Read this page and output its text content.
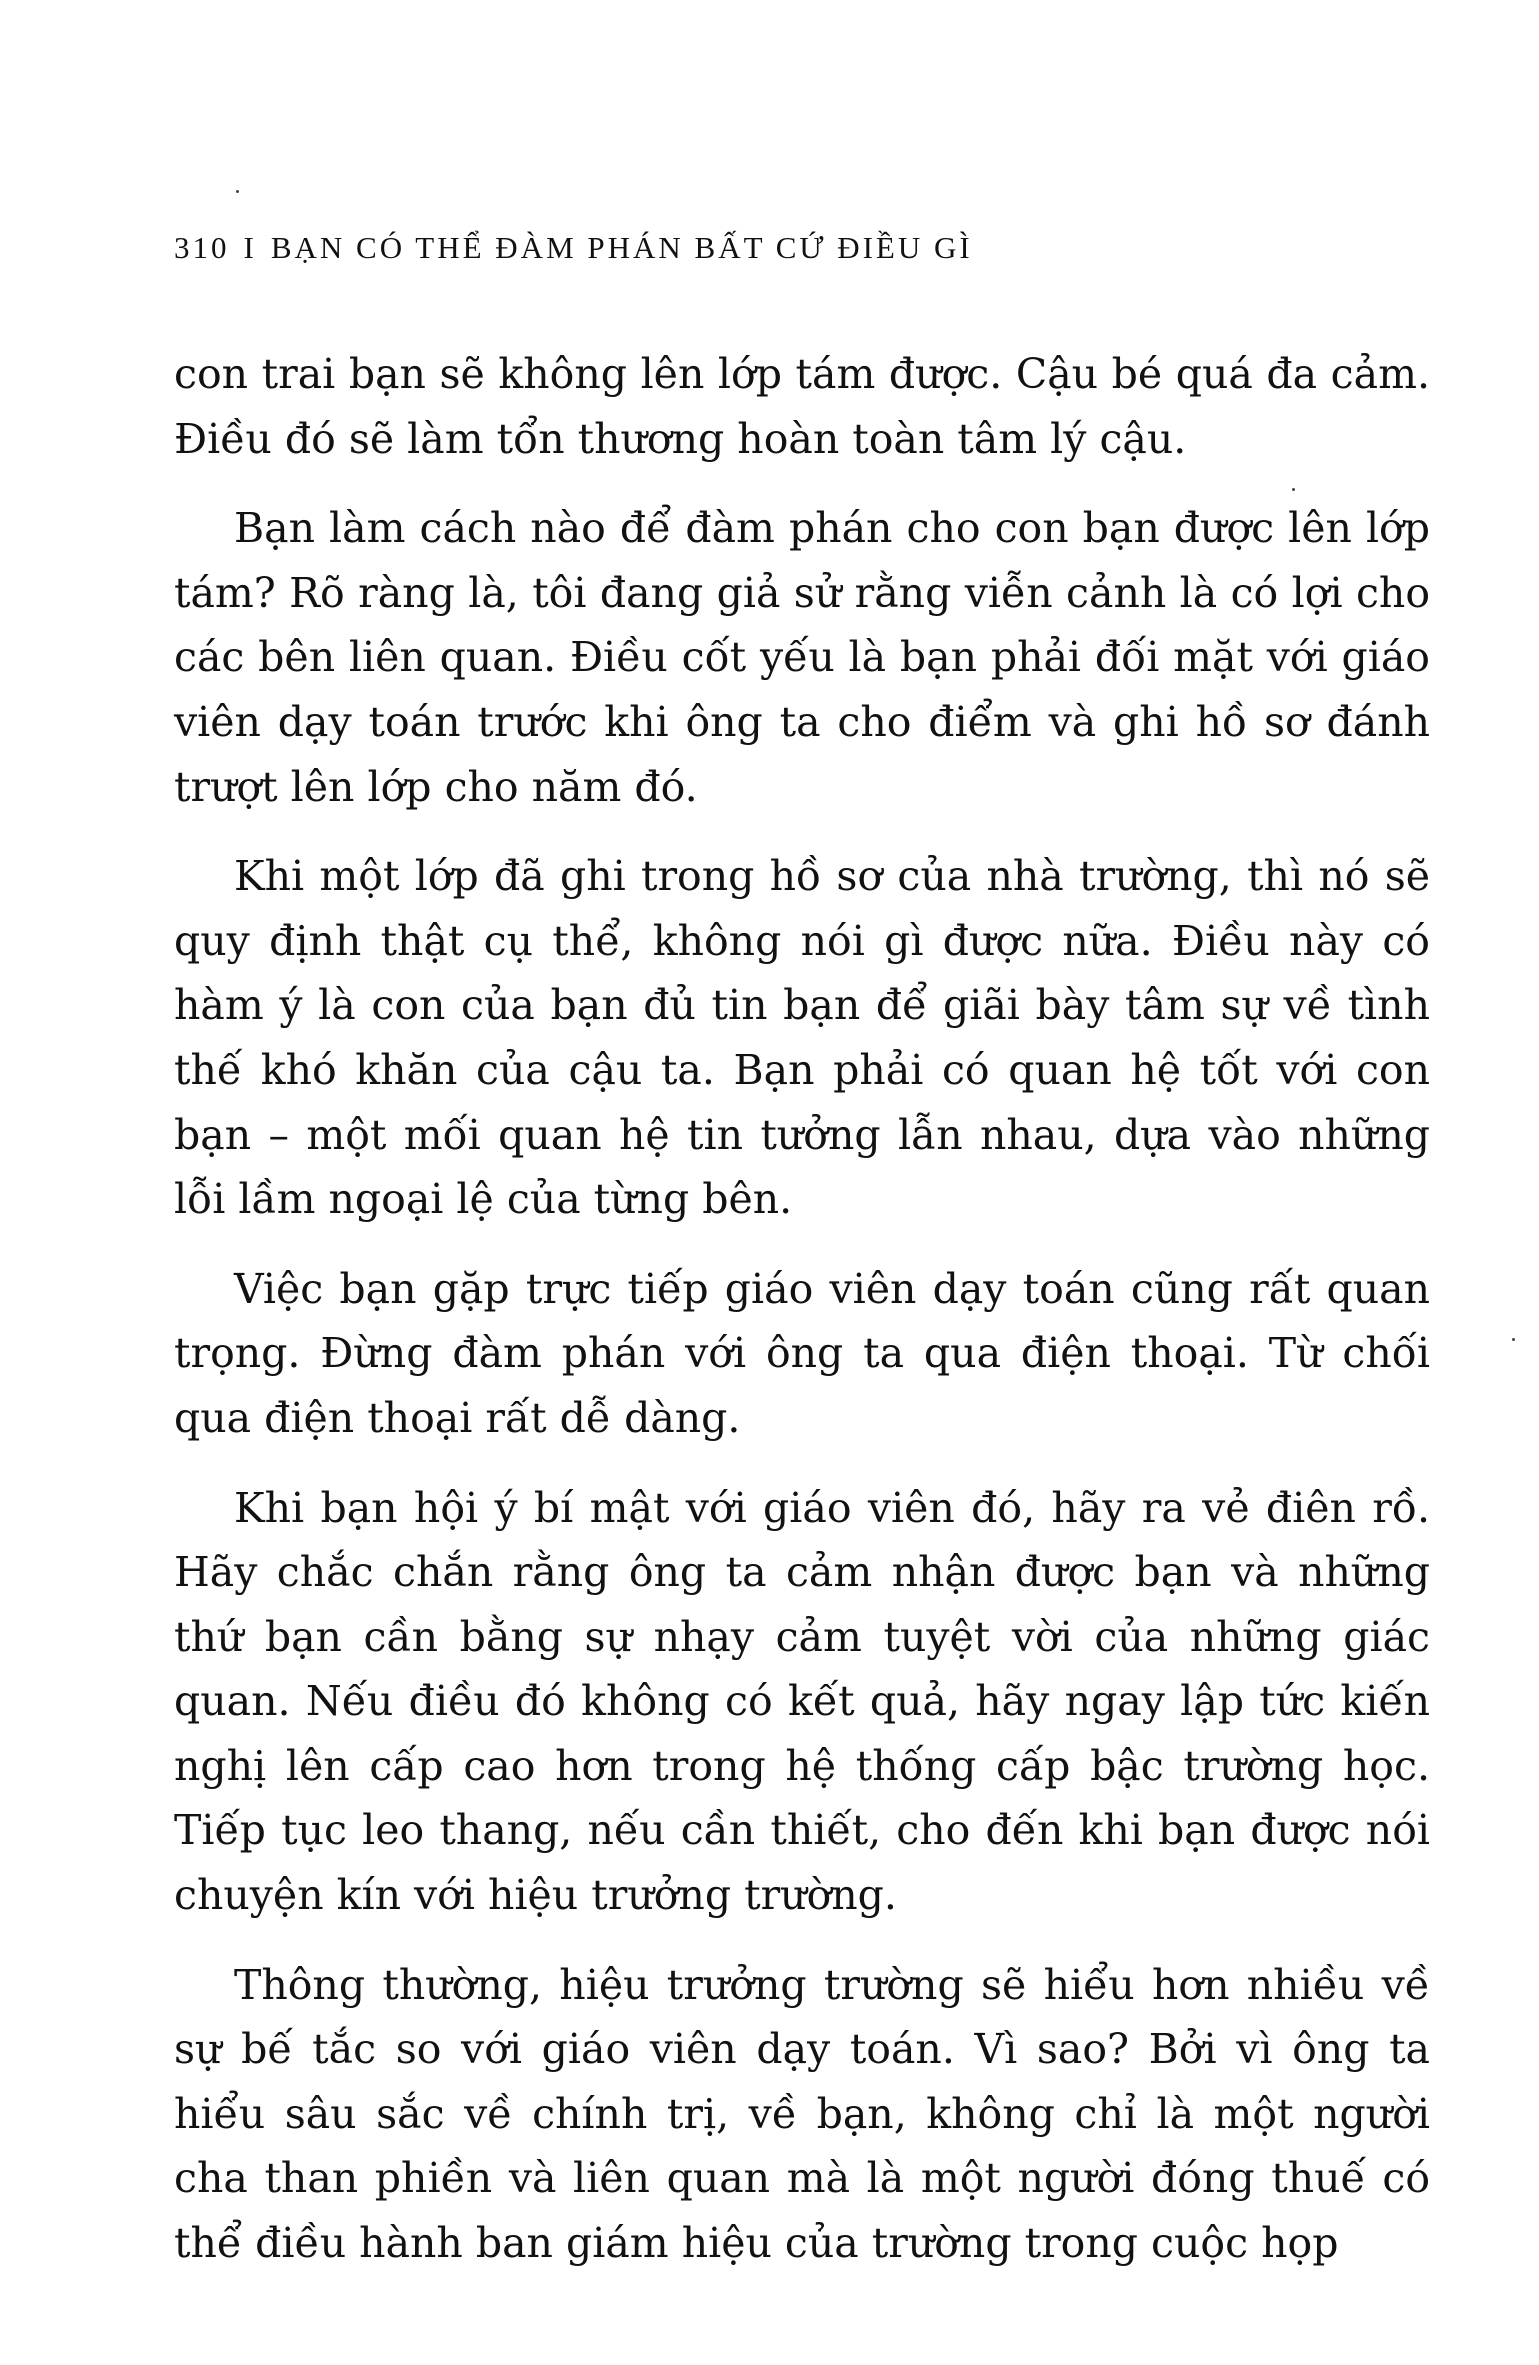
310 I BẠN CÓ THỂ ĐÀM PHÁN BẤT CỨ ĐIỀU GÌ

con trai bạn sẽ không lên lớp tám được. Cậu bé quá đa cảm. Điều đó sẽ làm tổn thương hoàn toàn tâm lý cậu.

Bạn làm cách nào để đàm phán cho con bạn được lên lớp tám? Rõ ràng là, tôi đang giả sử rằng viễn cảnh là có lợi cho các bên liên quan. Điều cốt yếu là bạn phải đối mặt với giáo viên dạy toán trước khi ông ta cho điểm và ghi hồ sơ đánh trượt lên lớp cho năm đó.

Khi một lớp đã ghi trong hồ sơ của nhà trường, thì nó sẽ quy định thật cụ thể, không nói gì được nữa. Điều này có hàm ý là con của bạn đủ tin bạn để giãi bày tâm sự về tình thế khó khăn của cậu ta. Bạn phải có quan hệ tốt với con bạn – một mối quan hệ tin tưởng lẫn nhau, dựa vào những lỗi lầm ngoại lệ của từng bên.

Việc bạn gặp trực tiếp giáo viên dạy toán cũng rất quan trọng. Đừng đàm phán với ông ta qua điện thoại. Từ chối qua điện thoại rất dễ dàng.

Khi bạn hội ý bí mật với giáo viên đó, hãy ra vẻ điên rồ. Hãy chắc chắn rằng ông ta cảm nhận được bạn và những thứ bạn cần bằng sự nhạy cảm tuyệt vời của những giác quan. Nếu điều đó không có kết quả, hãy ngay lập tức kiến nghị lên cấp cao hơn trong hệ thống cấp bậc trường học. Tiếp tục leo thang, nếu cần thiết, cho đến khi bạn được nói chuyện kín với hiệu trưởng trường.

Thông thường, hiệu trưởng trường sẽ hiểu hơn nhiều về sự bế tắc so với giáo viên dạy toán. Vì sao? Bởi vì ông ta hiểu sâu sắc về chính trị, về bạn, không chỉ là một người cha than phiền và liên quan mà là một người đóng thuế có thể điều hành ban giám hiệu của trường trong cuộc họp
